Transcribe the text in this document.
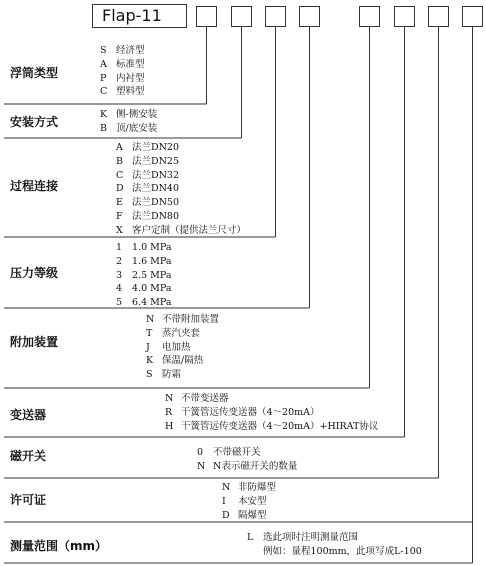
Flap-11
浮筒类型
S 经济型
A 标准型
P 内衬型
C 塑料型
安装方式
K 侧-侧安装
B 顶/底安装
过程连接
A 法兰DN20
B 法兰DN25
C 法兰DN32
D 法兰DN40
E 法兰DN50
F 法兰DN80
X 客户定制（提供法兰尺寸）
压力等级
1 1.0 MPa
2 1.6 MPa
3 2.5 MPa
4 4.0 MPa
5 6.4 MPa
附加装置
N 不带附加装置
T 蒸汽夹套
J 电加热
K 保温/隔热
S 防霜
变送器
N 不带变送器
R 干簧管远传变送器（4～20mA）
H 干簧管远传变送器（4～20mA）+HIRAT协议
磁开关	0 不带磁开关
N N表示磁开关的数量
许可证
N 非防爆型
I 本安型
D 隔爆型
测量范围（mm）
L 选此项时注明测量范围
例如：量程100mm，此项写成L-100
